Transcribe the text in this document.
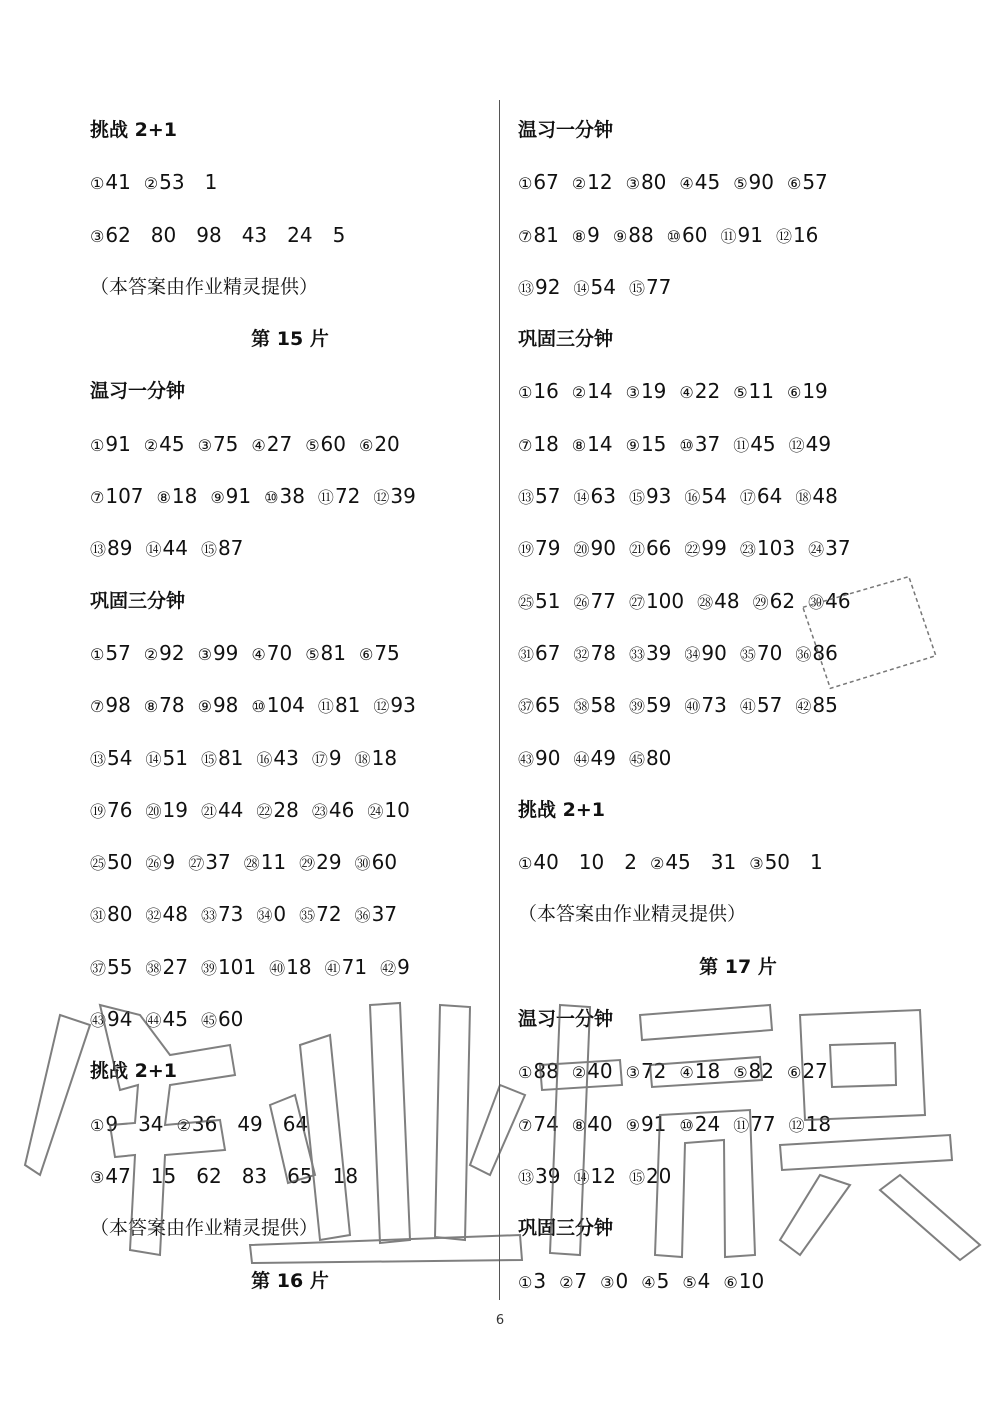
挑战 2+1
①41 ②53　1
③62　80　98　43　24　5
（本答案由作业精灵提供）
第 15 片
温习一分钟
①91 ②45 ③75 ④27 ⑤60 ⑥20
⑦107 ⑧18 ⑨91 ⑩38 ⑪72 ⑫39
⑬89 ⑭44 ⑮87
巩固三分钟
①57 ②92 ③99 ④70 ⑤81 ⑥75
⑦98 ⑧78 ⑨98 ⑩104 ⑪81 ⑫93
⑬54 ⑭51 ⑮81 ⑯43 ⑰9 ⑱18
⑲76 ⑳19 ㉑44 ㉒28 ㉓46 ㉔10
㉕50 ㉖9 ㉗37 ㉘11 ㉙29 ㉚60
㉛80 ㉜48 ㉝73 ㉞0 ㉟72 ㊱37
㊲55 ㊳27 ㊴101 ㊵18 ㊶71 ㊷9
㊸94 ㊹45 ㊺60
挑战 2+1
①9　34 ②36　49　64
③47　15　62　83　65　18
（本答案由作业精灵提供）
第 16 片
温习一分钟
①67 ②12 ③80 ④45 ⑤90 ⑥57
⑦81 ⑧9 ⑨88 ⑩60 ⑪91 ⑫16
⑬92 ⑭54 ⑮77
巩固三分钟
①16 ②14 ③19 ④22 ⑤11 ⑥19
⑦18 ⑧14 ⑨15 ⑩37 ⑪45 ⑫49
⑬57 ⑭63 ⑮93 ⑯54 ⑰64 ⑱48
⑲79 ⑳90 ㉑66 ㉒99 ㉓103 ㉔37
㉕51 ㉖77 ㉗100 ㉘48 ㉙62 ㉚46
㉛67 ㉜78 ㉝39 ㉞90 ㉟70 ㊱86
㊲65 ㊳58 ㊴59 ㊵73 ㊶57 ㊷85
㊸90 ㊹49 ㊺80
挑战 2+1
①40　10　2 ②45　31 ③50　1
（本答案由作业精灵提供）
第 17 片
温习一分钟
①88 ②40 ③72 ④18 ⑤82 ⑥27
⑦74 ⑧40 ⑨91 ⑩24 ⑪77 ⑫18
⑬39 ⑭12 ⑮20
巩固三分钟
①3 ②7 ③0 ④5 ⑤4 ⑥10
6
